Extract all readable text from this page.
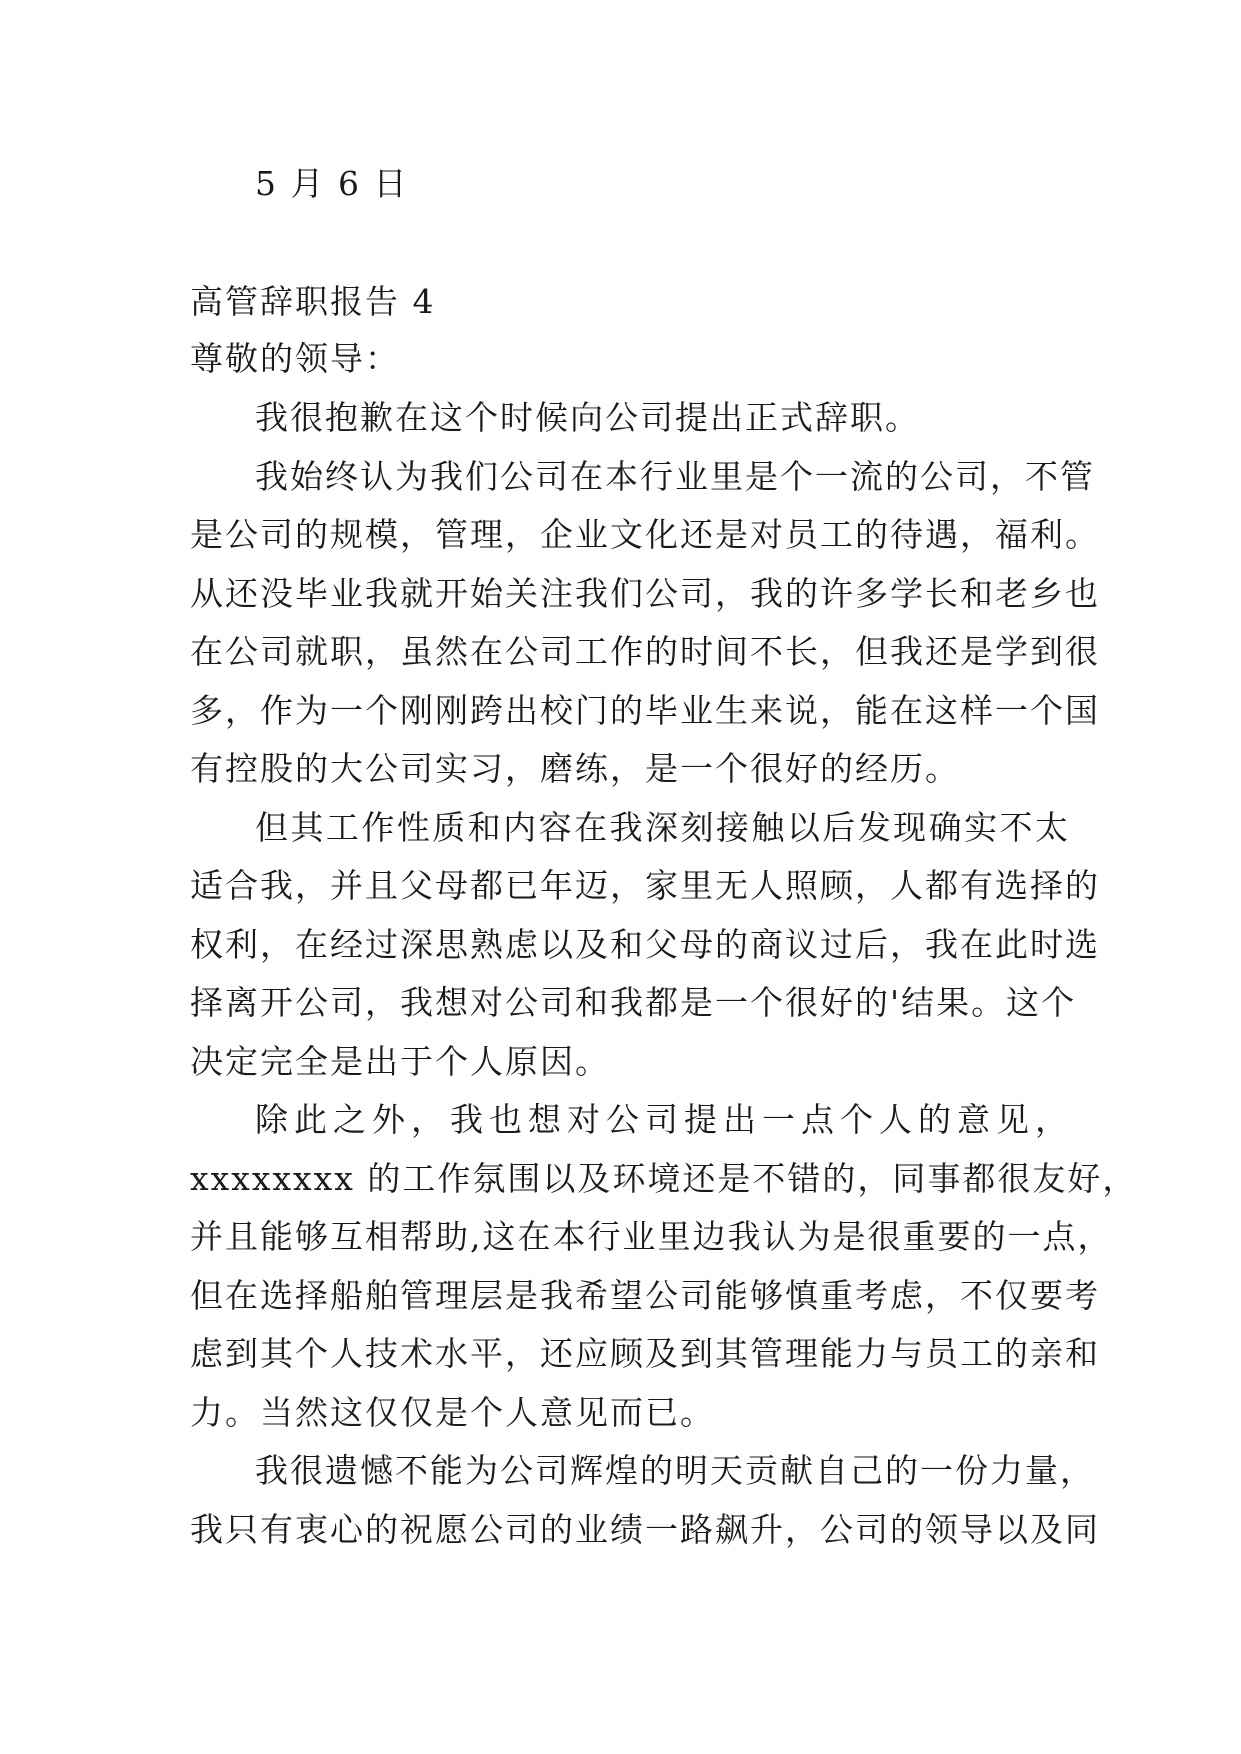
5 月 6 日
高管辞职报告 4
尊敬的领导：
我很抱歉在这个时候向公司提出正式辞职。
我始终认为我们公司在本行业里是个一流的公司，不管
是公司的规模，管理，企业文化还是对员工的待遇，福利。
从还没毕业我就开始关注我们公司，我的许多学长和老乡也
在公司就职，虽然在公司工作的时间不长，但我还是学到很
多，作为一个刚刚跨出校门的毕业生来说，能在这样一个国
有控股的大公司实习，磨练，是一个很好的经历。
但其工作性质和内容在我深刻接触以后发现确实不太
适合我，并且父母都已年迈，家里无人照顾，人都有选择的
权利，在经过深思熟虑以及和父母的商议过后，我在此时选
择离开公司，我想对公司和我都是一个很好的'结果。这个
决定完全是出于个人原因。
除此之外，我也想对公司提出一点个人的意见，
xxxxxxxx 的工作氛围以及环境还是不错的，同事都很友好，
并且能够互相帮助,这在本行业里边我认为是很重要的一点，
但在选择船舶管理层是我希望公司能够慎重考虑，不仅要考
虑到其个人技术水平，还应顾及到其管理能力与员工的亲和
力。当然这仅仅是个人意见而已。
我很遗憾不能为公司辉煌的明天贡献自己的一份力量，
我只有衷心的祝愿公司的业绩一路飙升，公司的领导以及同
